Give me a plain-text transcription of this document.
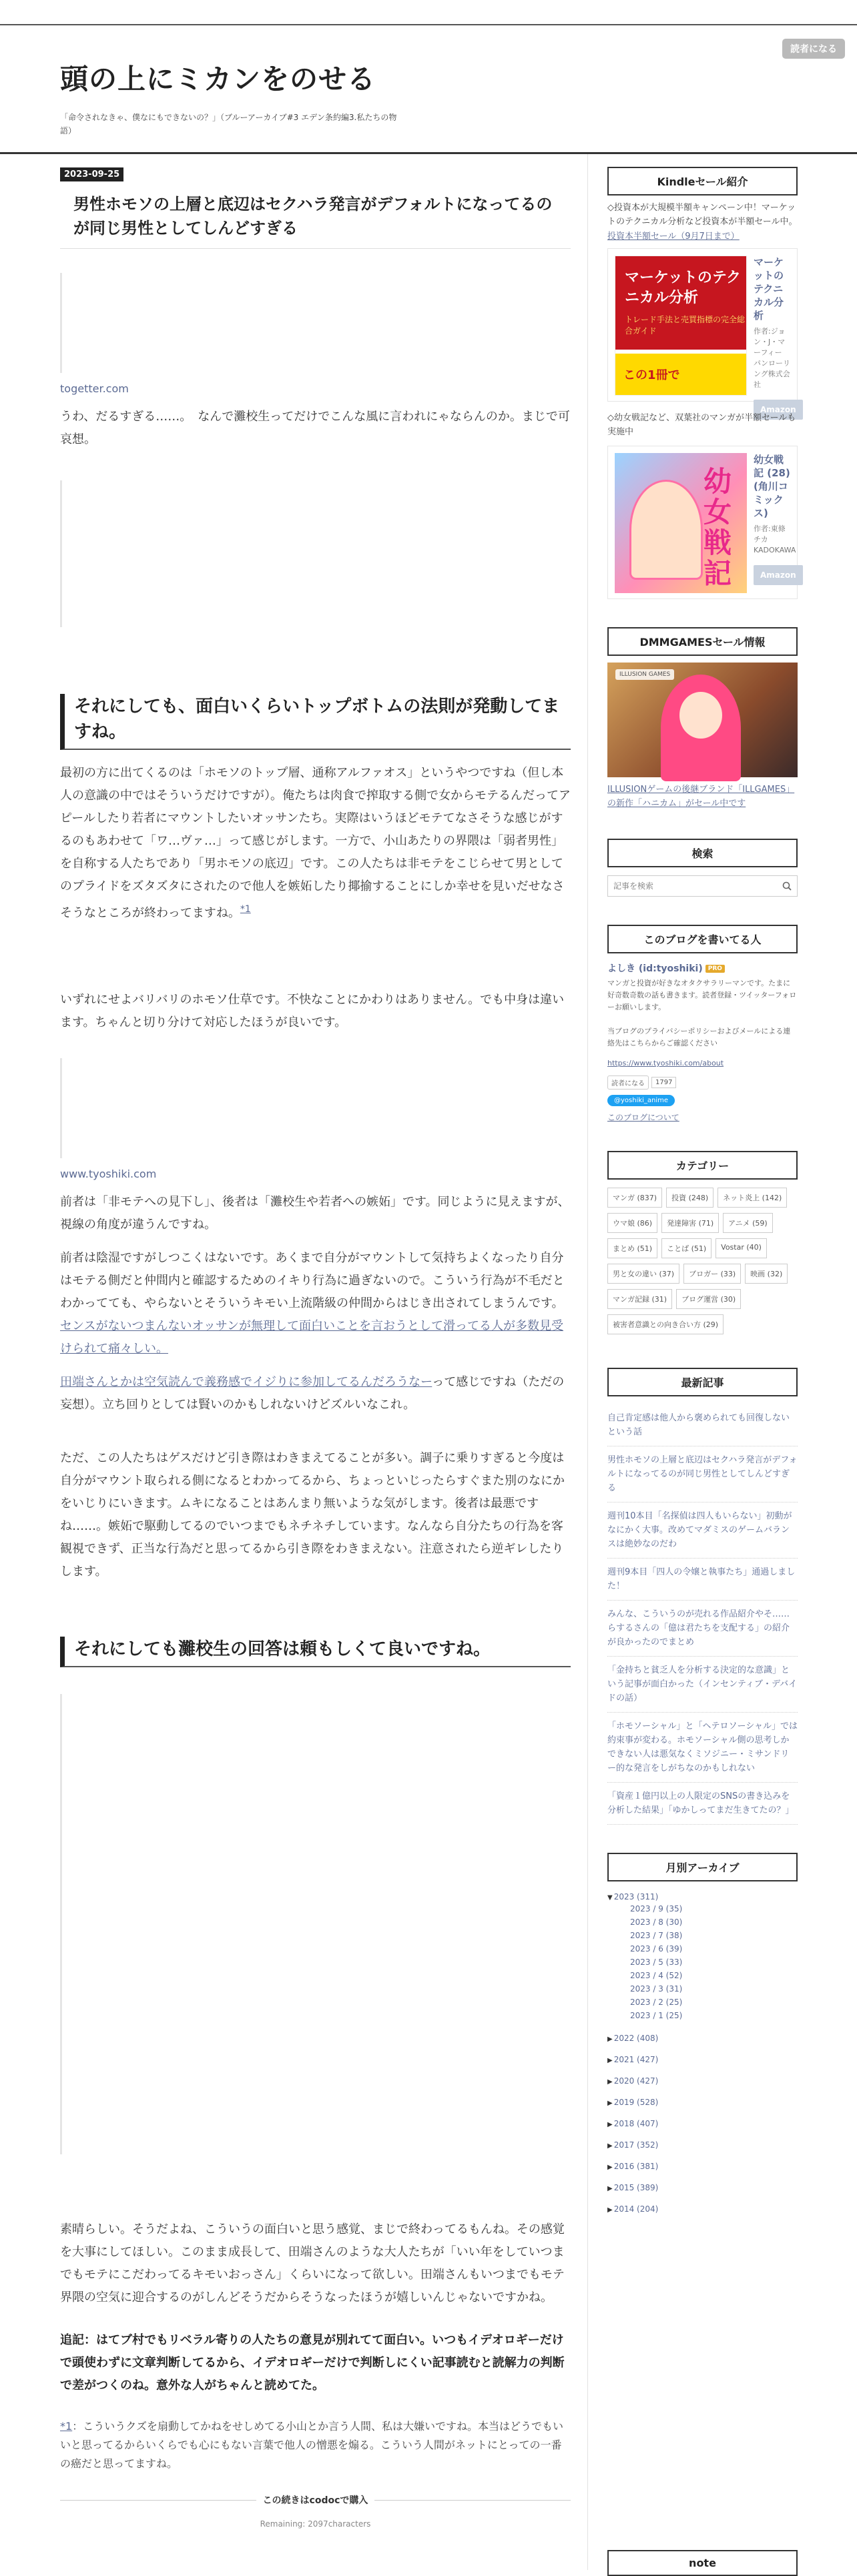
読者になる
頭の上にミカンをのせる
「命令されなきゃ、僕なにもできないの？」（ブルーアーカイブ#3 エデン条約編3.私たちの物語）
2023-09-25
男性ホモソの上層と底辺はセクハラ発言がデフォルトになってるのが同じ男性としてしんどすぎる
togetter.com
うわ、だるすぎる……。　なんで灘校生ってだけでこんな風に言われにゃならんのか。まじで可哀想。
それにしても、面白いくらいトップボトムの法則が発動してますね。
最初の方に出てくるのは「ホモソのトップ層、通称アルファオス」というやつですね（但し本人の意識の中ではそういうだけですが）。俺たちは肉食で搾取する側で女からモテるんだってアピールしたり若者にマウントしたいオッサンたち。実際はいうほどモテてなさそうな感じがするのもあわせて「ワ…ヴァ…」って感じがします。一方で、小山あたりの界隈は「弱者男性」を自称する人たちであり「男ホモソの底辺」です。この人たちは非モテをこじらせて男としてのプライドをズタズタにされたので他人を嫉妬したり揶揄することにしか幸せを見いだせなさそうなところが終わってますね。$^{*1}$
いずれにせよバリバリのホモソ仕草です。不快なことにかわりはありません。でも中身は違います。ちゃんと切り分けて対応したほうが良いです。
www.tyoshiki.com
前者は「非モテへの見下し」、後者は「灘校生や若者への嫉妬」です。同じように見えますが、視線の角度が違うんですね。
前者は陰湿ですがしつこくはないです。あくまで自分がマウントして気持ちよくなったり自分はモテる側だと仲間内と確認するためのイキり行為に過ぎないので。こういう行為が不毛だとわかってても、やらないとそういうキモい上流階級の仲間からはじき出されてしまうんです。センスがないつまんないオッサンが無理して面白いことを言おうとして滑ってる人が多数見受けられて痛々しい。
田端さんとかは空気読んで義務感でイジりに参加してるんだろうなーって感じですね（ただの妄想）。立ち回りとしては賢いのかもしれないけどズルいなこれ。
ただ、この人たちはゲスだけど引き際はわきまえてることが多い。調子に乗りすぎると今度は自分がマウント取られる側になるとわかってるから、ちょっといじったらすぐまた別のなにかをいじりにいきます。ムキになることはあんまり無いような気がします。後者は最悪ですね……。嫉妬で駆動してるのでいつまでもネチネチしています。なんなら自分たちの行為を客観視できず、正当な行為だと思ってるから引き際をわきまえない。注意されたら逆ギレしたりします。
それにしても灘校生の回答は頼もしくて良いですね。
素晴らしい。そうだよね、こういうの面白いと思う感覚、まじで終わってるもんね。その感覚を大事にしてほしい。このまま成長して、田端さんのような大人たちが「いい年をしていつまでもモテにこだわってるキモいおっさん」くらいになって欲しい。田端さんもいつまでもモテ界隈の空気に迎合するのがしんどそうだからそうなったほうが嬉しいんじゃないですかね。
追記：はてブ村でもリベラル寄りの人たちの意見が別れてて面白い。いつもイデオロギーだけで頭使わずに文章判断してるから、イデオロギーだけで判断しにくい記事読むと読解力の判断で差がつくのね。意外な人がちゃんと読めてた。
*1：こういうクズを扇動してかねをせしめてる小山とか言う人間、私は大嫌いですね。本当はどうでもいいと思ってるからいくらでも心にもない言葉で他人の憎悪を煽る。こういう人間がネットにとっての一番の癌だと思ってますね。
この続きはcodocで購入
Remaining: 2097characters
Kindleセール紹介
◇投資本が大規模半額キャンペーン中！マーケットのテクニカル分析など投資本が半額セール中。
投資本半額セール（9月7日まで）
マーケットのテクニカル分析
トレード手法と売買指標の完全総合ガイド
この1冊で
マーケットのテクニカル分析
作者:ジョン・J・マーフィー パンローリング株式会社
Amazon
◇幼女戦記など、双葉社のマンガが半額セールも実施中
幼女戦記
幼女戦記 (28) (角川コミックス)
作者:東條チカ KADOKAWA
Amazon
DMMGAMESセール情報
ILLUSION GAMES
ILLUSIONゲームの後継ブランド「ILLGAMES」の新作「ハニカム」がセール中です
検索
記事を検索
このブログを書いてる人
よしき (id:tyoshiki) PRO
マンガと投資が好きなオタクサラリーマンです。たまに好奇数奇数の話も書きます。読者登録・ツイッターフォローお願いします。
当ブログのプライバシーポリシーおよびメールによる連絡先はこちらからご確認ください
https://www.tyoshiki.com/about
読者になる	1797
@yoshiki_anime
このブログについて
カテゴリー
マンガ (837)	投資 (248)	ネット炎上 (142)
ウマ娘 (86)	発達障害 (71)	アニメ (59)
まとめ (51)	ことば (51)	Vostar (40)
男と女の違い (37)	ブロガー (33)	映画 (32)
マンガ記録 (31)	ブログ運営 (30)
被害者意識との向き合い方 (29)
最新記事
自己肯定感は他人から褒められても回復しないという話
男性ホモソの上層と底辺はセクハラ発言がデフォルトになってるのが同じ男性としてしんどすぎる
週刊10本目「名探偵は四人もいらない」初動がなにかく大事。改めてマダミスのゲームバランスは絶妙なのだわ
週刊9本目「四人の令嬢と執事たち」通過しました！
みんな、こういうのが売れる作品紹介やそ……らするさんの「億は君たちを支配する」の紹介が良かったのでまとめ
「金持ちと貧乏人を分析する決定的な意識」という記事が面白かった（インセンティブ・デバイドの話）
「ホモソーシャル」と「ヘテロソーシャル」では約束事が変わる。ホモソーシャル側の思考しかできない人は悪気なくミソジニー・ミサンドリー的な発言をしがちなのかもしれない
「資産１億円以上の人限定のSNSの書き込みを分析した結果」「ゆかしってまだ生きてたの？」
月別アーカイブ
▼ 2023 (311)
2023 / 9 (35)
2023 / 8 (30)
2023 / 7 (38)
2023 / 6 (39)
2023 / 5 (33)
2023 / 4 (52)
2023 / 3 (31)
2023 / 2 (25)
2023 / 1 (25)
▶ 2022 (408)
▶ 2021 (427)
▶ 2020 (427)
▶ 2019 (528)
▶ 2018 (407)
▶ 2017 (352)
▶ 2016 (381)
▶ 2015 (389)
▶ 2014 (204)
note
